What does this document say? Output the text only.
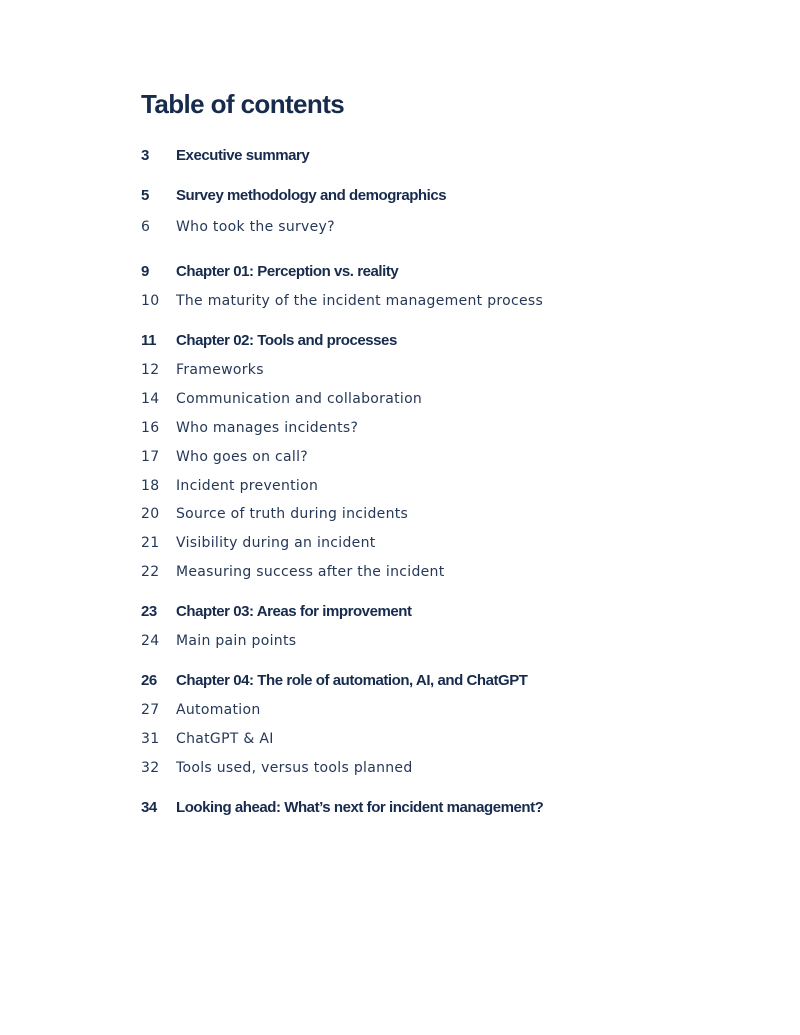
Table of contents
3	Executive summary
5	Survey methodology and demographics
6	Who took the survey?
9	Chapter 01: Perception vs. reality
10	The maturity of the incident management process
11	Chapter 02: Tools and processes
12	Frameworks
14	Communication and collaboration
16	Who manages incidents?
17	Who goes on call?
18	Incident prevention
20	Source of truth during incidents
21	Visibility during an incident
22	Measuring success after the incident
23	Chapter 03: Areas for improvement
24	Main pain points
26	Chapter 04: The role of automation, AI, and ChatGPT
27	Automation
31	ChatGPT & AI
32	Tools used, versus tools planned
34	Looking ahead: What’s next for incident management?
